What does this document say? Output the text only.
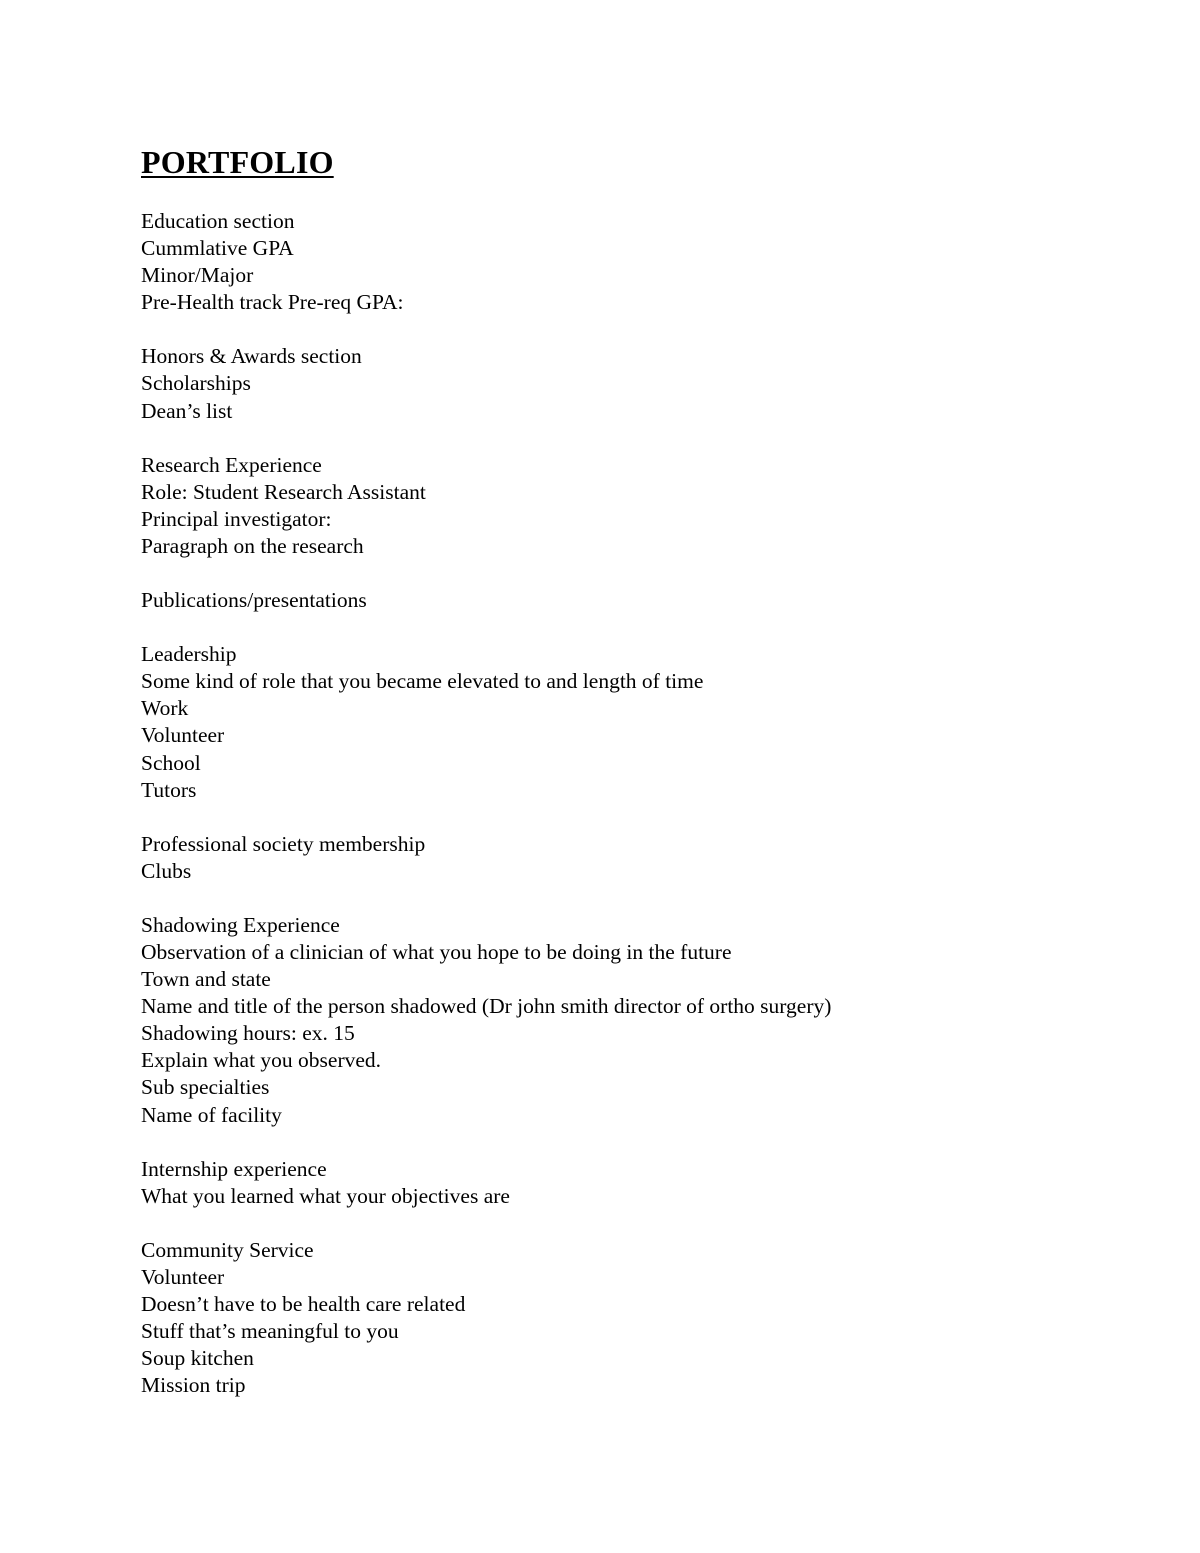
PORTFOLIO
Education section
Cummlative GPA
Minor/Major
Pre-Health track Pre-req GPA:
Honors & Awards section
Scholarships
Dean’s list
Research Experience
Role: Student Research Assistant
Principal investigator:
Paragraph on the research
Publications/presentations
Leadership
Some kind of role that you became elevated to and length of time
Work
Volunteer
School
Tutors
Professional society membership
Clubs
Shadowing Experience
Observation of a clinician of what you hope to be doing in the future
Town and state
Name and title of the person shadowed (Dr john smith director of ortho surgery)
Shadowing hours: ex. 15
Explain what you observed.
Sub specialties
Name of facility
Internship experience
What you learned what your objectives are
Community Service
Volunteer
Doesn’t have to be health care related
Stuff that’s meaningful to you
Soup kitchen
Mission trip
